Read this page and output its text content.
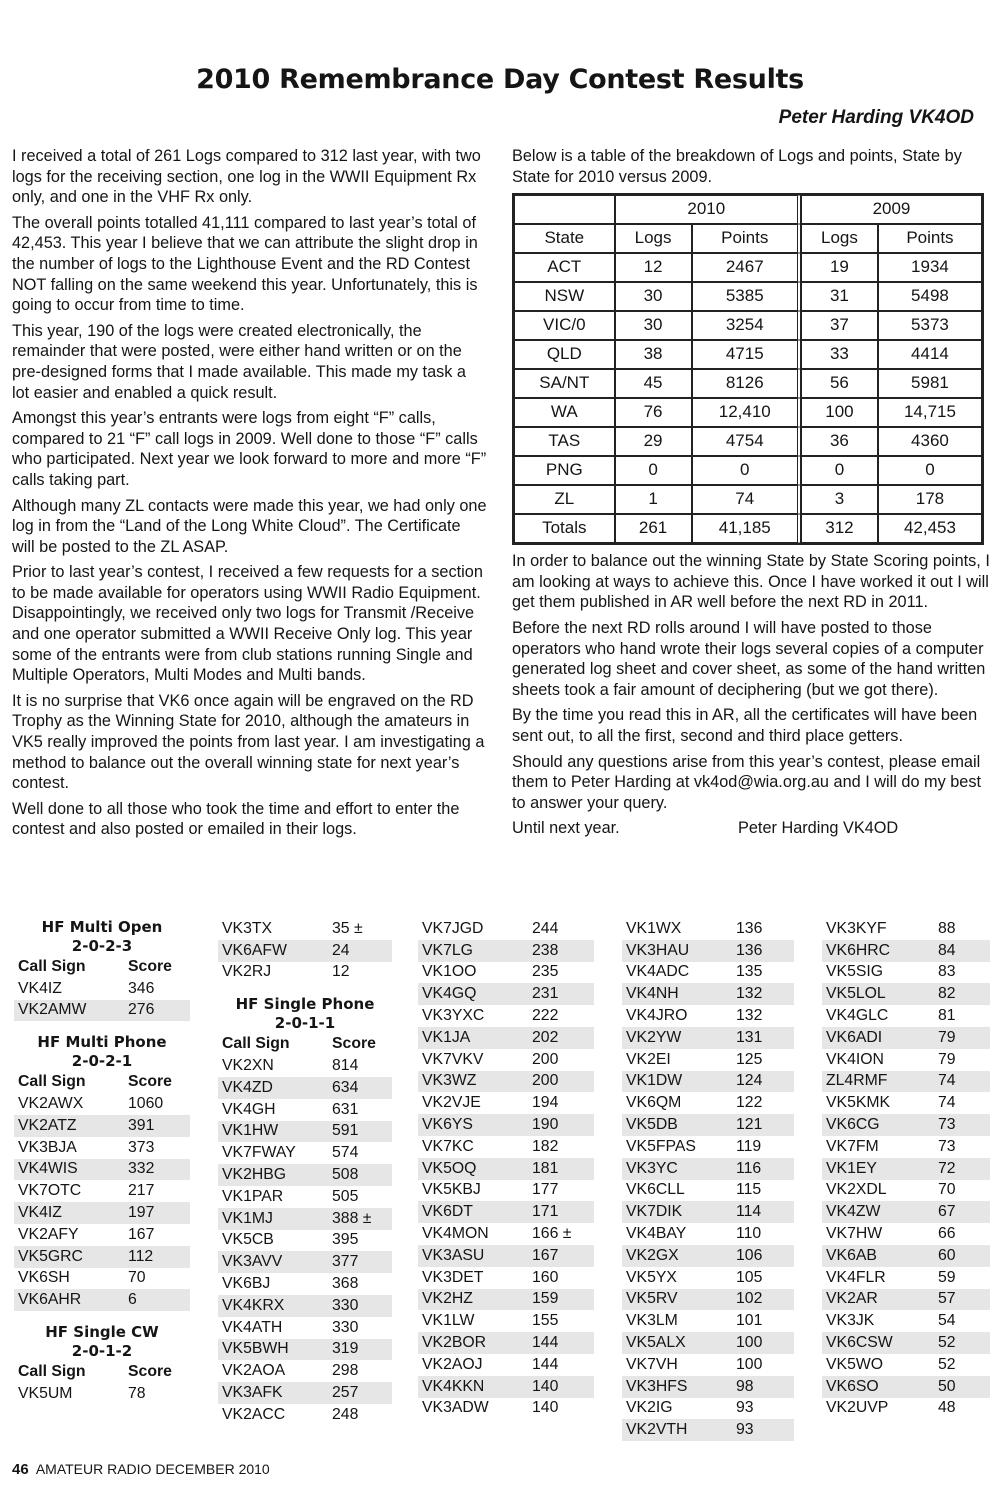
2010 Remembrance Day Contest Results
Peter Harding VK4OD

I received a total of 261 Logs compared to 312 last year, with two logs for the receiving section, one log in the WWII Equipment Rx only, and one in the VHF Rx only.

The overall points totalled 41,111 compared to last year’s total of 42,453. This year I believe that we can attribute the slight drop in the number of logs to the Lighthouse Event and the RD Contest NOT falling on the same weekend this year. Unfortunately, this is going to occur from time to time.

This year, 190 of the logs were created electronically, the remainder that were posted, were either hand written or on the pre-designed forms that I made available. This made my task a lot easier and enabled a quick result.

Amongst this year’s entrants were logs from eight “F” calls, compared to 21 “F” call logs in 2009. Well done to those “F” calls who participated. Next year we look forward to more and more “F” calls taking part.

Although many ZL contacts were made this year, we had only one log in from the “Land of the Long White Cloud”. The Certificate will be posted to the ZL ASAP.

Prior to last year’s contest, I received a few requests for a section to be made available for operators using WWII Radio Equipment. Disappointingly, we received only two logs for Transmit /Receive and one operator submitted a WWII Receive Only log. This year some of the entrants were from club stations running Single and Multiple Operators, Multi Modes and Multi bands.

It is no surprise that VK6 once again will be engraved on the RD Trophy as the Winning State for 2010, although the amateurs in VK5 really improved the points from last year. I am investigating a method to balance out the overall winning state for next year’s contest.

Well done to all those who took the time and effort to enter the contest and also posted or emailed in their logs.

Below is a table of the breakdown of Logs and points, State by State for 2010 versus 2009.

	2010		2009	
State	Logs	Points	Logs	Points
ACT	12	2467	19	1934
NSW	30	5385	31	5498
VIC/0	30	3254	37	5373
QLD	38	4715	33	4414
SA/NT	45	8126	56	5981
WA	76	12,410	100	14,715
TAS	29	4754	36	4360
PNG	0	0	0	0
ZL	1	74	3	178
Totals	261	41,185	312	42,453

In order to balance out the winning State by State Scoring points, I am looking at ways to achieve this. Once I have worked it out I will get them published in AR well before the next RD in 2011.

Before the next RD rolls around I will have posted to those operators who hand wrote their logs several copies of a computer generated log sheet and cover sheet, as some of the hand written sheets took a fair amount of deciphering (but we got there).

By the time you read this in AR, all the certificates will have been sent out, to all the first, second and third place getters.

Should any questions arise from this year’s contest, please email them to Peter Harding at vk4od@wia.org.au and I will do my best to answer your query.

Until next year.	Peter Harding VK4OD
HF Multi Open
2-0-2-3
Call Sign	Score
VK4IZ	346
VK2AMW	276
HF Multi Phone
2-0-2-1
Call Sign	Score
VK2AWX	1060
VK2ATZ	391
VK3BJA	373
VK4WIS	332
VK7OTC	217
VK4IZ	197
VK2AFY	167
VK5GRC	112
VK6SH	70
VK6AHR	6
HF Single CW
2-0-1-2
Call Sign	Score
VK5UM	78
VK3TX	35 ±
VK6AFW	24
VK2RJ	12
HF Single Phone
2-0-1-1
Call Sign	Score
VK2XN	814
VK4ZD	634
VK4GH	631
VK1HW	591
VK7FWAY	574
VK2HBG	508
VK1PAR	505
VK1MJ	388 ±
VK5CB	395
VK3AVV	377
VK6BJ	368
VK4KRX	330
VK4ATH	330
VK5BWH	319
VK2AOA	298
VK3AFK	257
VK2ACC	248
VK7JGD	244
VK7LG	238
VK1OO	235
VK4GQ	231
VK3YXC	222
VK1JA	202
VK7VKV	200
VK3WZ	200
VK2VJE	194
VK6YS	190
VK7KC	182
VK5OQ	181
VK5KBJ	177
VK6DT	171
VK4MON	166 ±
VK3ASU	167
VK3DET	160
VK2HZ	159
VK1LW	155
VK2BOR	144
VK2AOJ	144
VK4KKN	140
VK3ADW	140
VK1WX	136
VK3HAU	136
VK4ADC	135
VK4NH	132
VK4JRO	132
VK2YW	131
VK2EI	125
VK1DW	124
VK6QM	122
VK5DB	121
VK5FPAS	119
VK3YC	116
VK6CLL	115
VK7DIK	114
VK4BAY	110
VK2GX	106
VK5YX	105
VK5RV	102
VK3LM	101
VK5ALX	100
VK7VH	100
VK3HFS	98
VK2IG	93
VK2VTH	93
VK3KYF	88
VK6HRC	84
VK5SIG	83
VK5LOL	82
VK4GLC	81
VK6ADI	79
VK4ION	79
ZL4RMF	74
VK5KMK	74
VK6CG	73
VK7FM	73
VK1EY	72
VK2XDL	70
VK4ZW	67
VK7HW	66
VK6AB	60
VK4FLR	59
VK2AR	57
VK3JK	54
VK6CSW	52
VK5WO	52
VK6SO	50
VK2UVP	48
46 AMATEUR RADIO DECEMBER 2010
